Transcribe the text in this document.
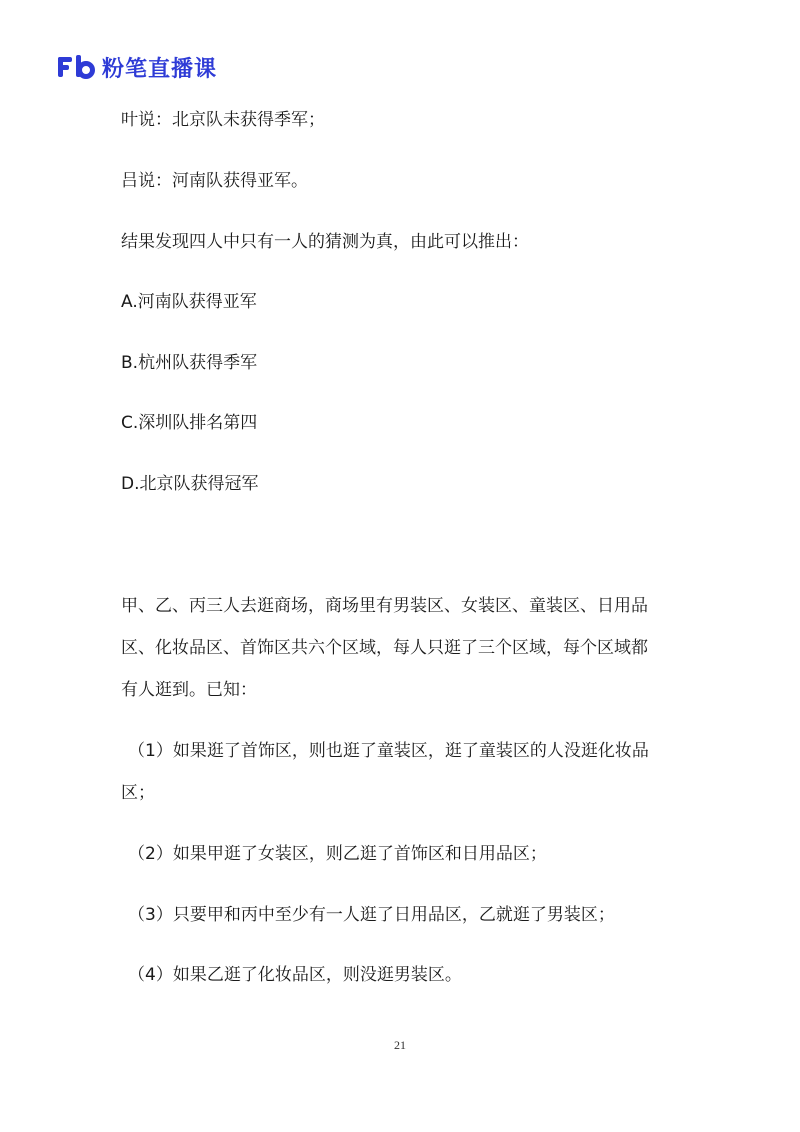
粉笔直播课
叶说：北京队未获得季军；
吕说：河南队获得亚军。
结果发现四人中只有一人的猜测为真，由此可以推出：
A.河南队获得亚军
B.杭州队获得季军
C.深圳队排名第四
D.北京队获得冠军
甲、乙、丙三人去逛商场，商场里有男装区、女装区、童装区、日用品
区、化妆品区、首饰区共六个区域，每人只逛了三个区域，每个区域都
有人逛到。已知：
（1）如果逛了首饰区，则也逛了童装区，逛了童装区的人没逛化妆品
区；
（2）如果甲逛了女装区，则乙逛了首饰区和日用品区；
（3）只要甲和丙中至少有一人逛了日用品区，乙就逛了男装区；
（4）如果乙逛了化妆品区，则没逛男装区。
21
